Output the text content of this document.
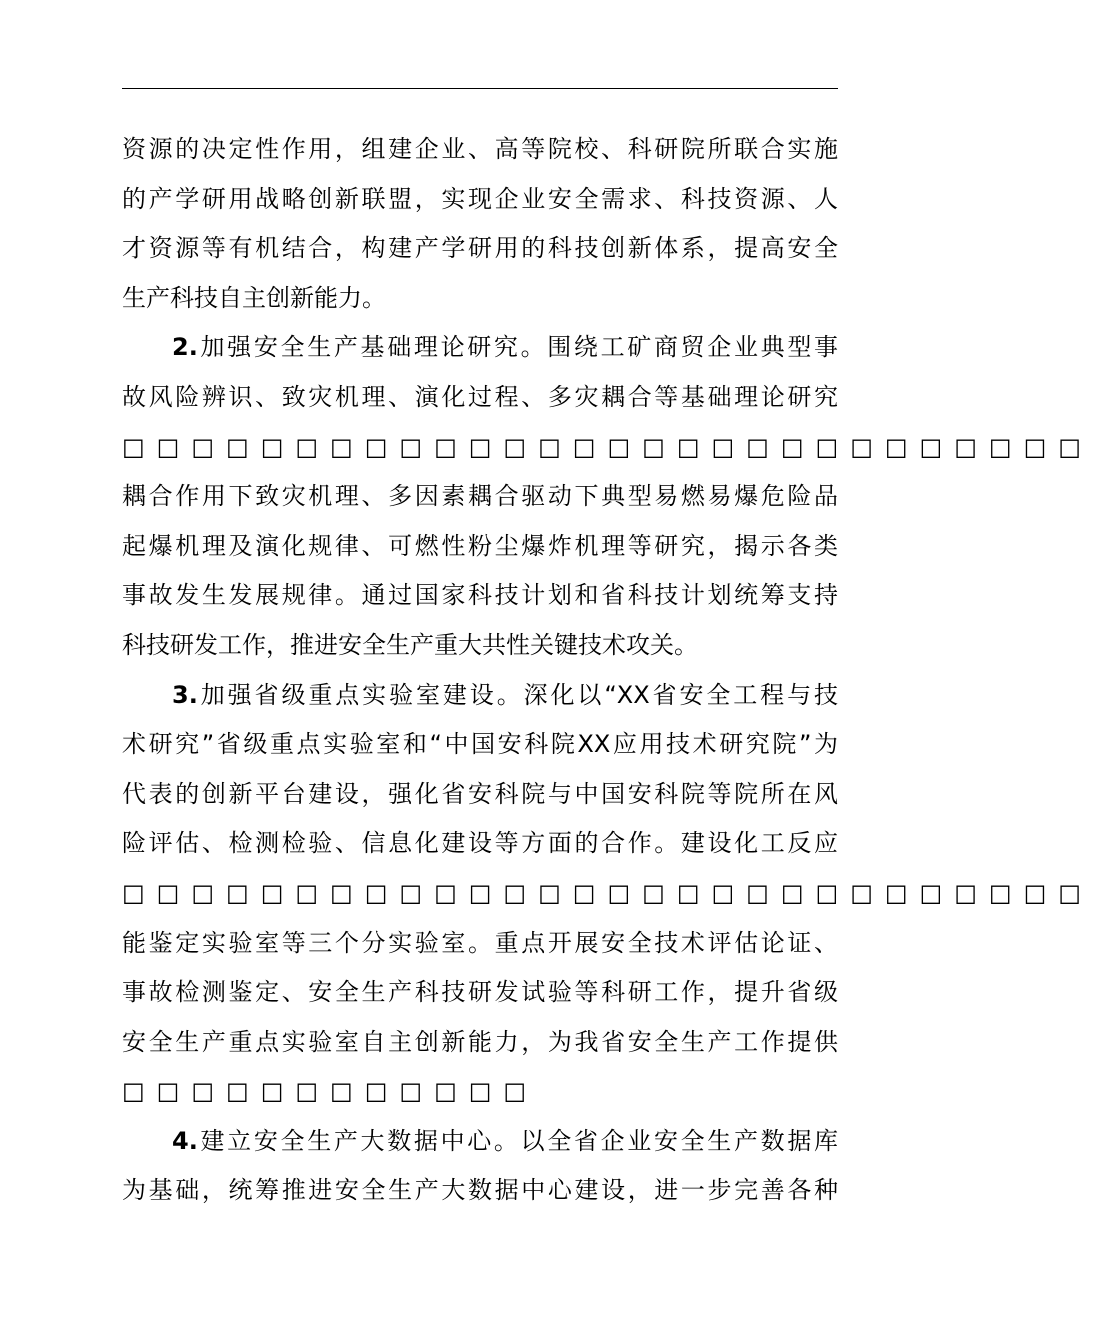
资源的决定性作用，组建企业、高等院校、科研院所联合实施
的产学研用战略创新联盟，实现企业安全需求、科技资源、人
才资源等有机结合，构建产学研用的科技创新体系，提高安全
生产科技自主创新能力。
2.加强安全生产基础理论研究。围绕工矿商贸企业典型事
故风险辨识、致灾机理、演化过程、多灾耦合等基础理论研究
□□□□□□□□□□□□□□□□□□□□□□□□□□□□
耦合作用下致灾机理、多因素耦合驱动下典型易燃易爆危险品
起爆机理及演化规律、可燃性粉尘爆炸机理等研究，揭示各类
事故发生发展规律。通过国家科技计划和省科技计划统筹支持
科技研发工作，推进安全生产重大共性关键技术攻关。
3.加强省级重点实验室建设。深化以“XX省安全工程与技
术研究”省级重点实验室和“中国安科院XX应用技术研究院”为
代表的创新平台建设，强化省安科院与中国安科院等院所在风
险评估、检测检验、信息化建设等方面的合作。建设化工反应
□□□□□□□□□□□□□□□□□□□□□□□□□□□□
能鉴定实验室等三个分实验室。重点开展安全技术评估论证、
事故检测鉴定、安全生产科技研发试验等科研工作，提升省级
安全生产重点实验室自主创新能力，为我省安全生产工作提供
□□□□□□□□□□□□
4.建立安全生产大数据中心。以全省企业安全生产数据库
为基础，统筹推进安全生产大数据中心建设，进一步完善各种
